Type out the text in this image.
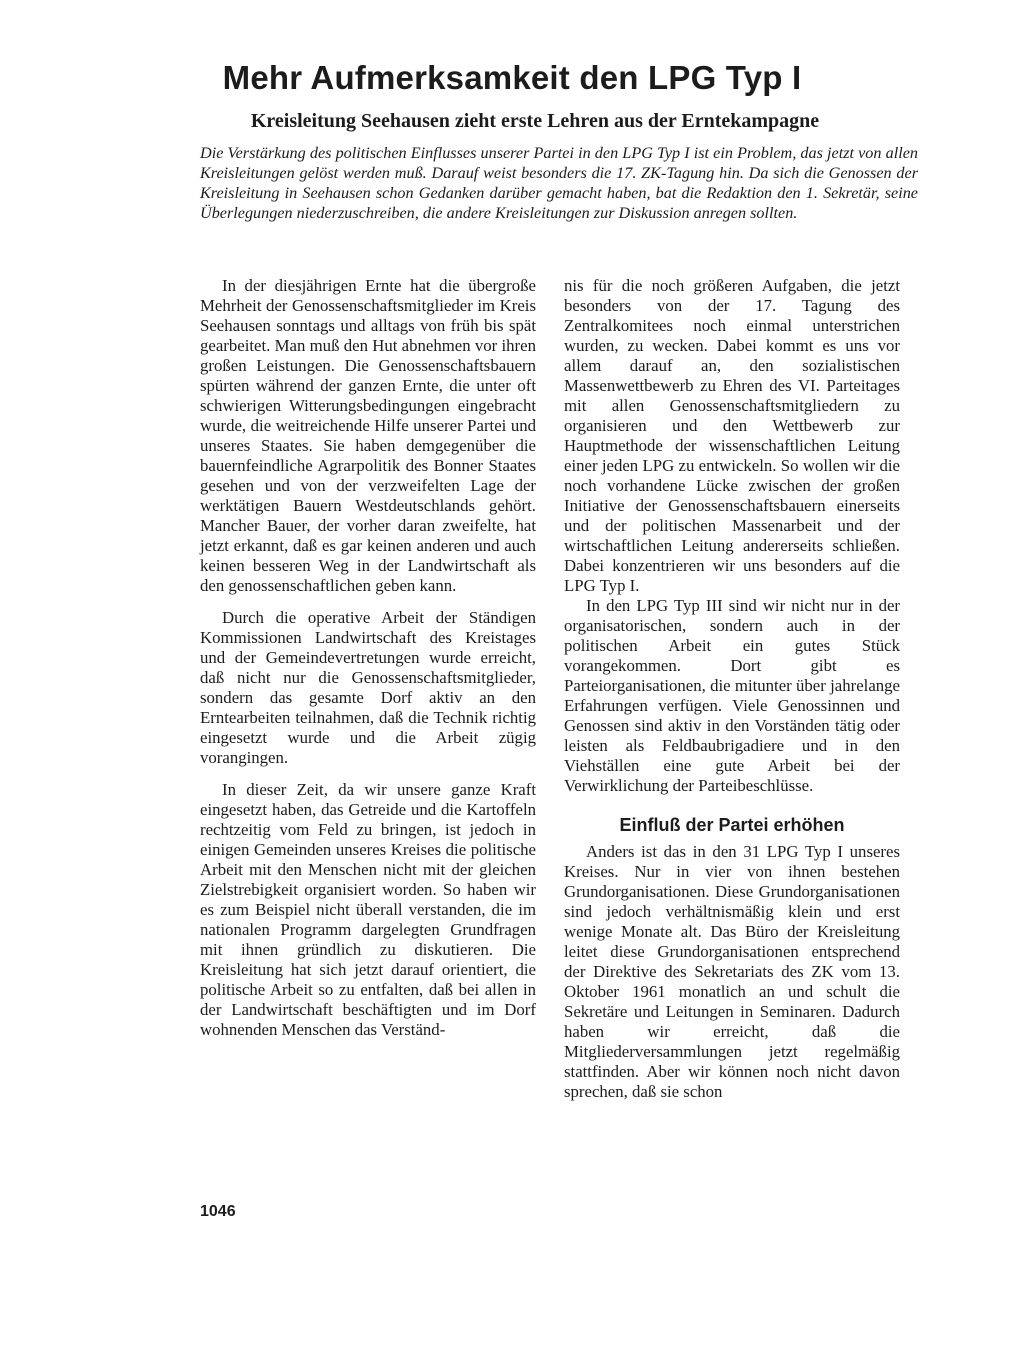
Mehr Aufmerksamkeit den LPG Typ I
Kreisleitung Seehausen zieht erste Lehren aus der Erntekampagne

Die Verstärkung des politischen Einflusses unserer Partei in den LPG Typ I ist ein Problem, das jetzt von allen Kreisleitungen gelöst werden muß. Darauf weist besonders die 17. ZK-Tagung hin. Da sich die Genossen der Kreisleitung in Seehausen schon Gedanken darüber gemacht haben, bat die Redaktion den 1. Sekretär, seine Überlegungen niederzuschreiben, die andere Kreisleitungen zur Diskussion anregen sollten.

In der diesjährigen Ernte hat die übergroße Mehrheit der Genossenschaftsmitglieder im Kreis Seehausen sonntags und alltags von früh bis spät gearbeitet. Man muß den Hut abnehmen vor ihren großen Leistungen. Die Genossenschaftsbauern spürten während der ganzen Ernte, die unter oft schwierigen Witterungsbedingungen eingebracht wurde, die weitreichende Hilfe unserer Partei und unseres Staates. Sie haben demgegenüber die bauernfeindliche Agrarpolitik des Bonner Staates gesehen und von der verzweifelten Lage der werktätigen Bauern Westdeutschlands gehört. Mancher Bauer, der vorher daran zweifelte, hat jetzt erkannt, daß es gar keinen anderen und auch keinen besseren Weg in der Landwirtschaft als den genossenschaftlichen geben kann.

Durch die operative Arbeit der Ständigen Kommissionen Landwirtschaft des Kreistages und der Gemeindevertretungen wurde erreicht, daß nicht nur die Genossenschaftsmitglieder, sondern das gesamte Dorf aktiv an den Erntearbeiten teilnahmen, daß die Technik richtig eingesetzt wurde und die Arbeit zügig vorangingen.

In dieser Zeit, da wir unsere ganze Kraft eingesetzt haben, das Getreide und die Kartoffeln rechtzeitig vom Feld zu bringen, ist jedoch in einigen Gemeinden unseres Kreises die politische Arbeit mit den Menschen nicht mit der gleichen Zielstrebigkeit organisiert worden. So haben wir es zum Beispiel nicht überall verstanden, die im nationalen Programm dargelegten Grundfragen mit ihnen gründlich zu diskutieren. Die Kreisleitung hat sich jetzt darauf orientiert, die politische Arbeit so zu entfalten, daß bei allen in der Landwirtschaft beschäftigten und im Dorf wohnenden Menschen das Verständ-

nis für die noch größeren Aufgaben, die jetzt besonders von der 17. Tagung des Zentralkomitees noch einmal unterstrichen wurden, zu wecken. Dabei kommt es uns vor allem darauf an, den sozialistischen Massenwettbewerb zu Ehren des VI. Parteitages mit allen Genossenschaftsmitgliedern zu organisieren und den Wettbewerb zur Hauptmethode der wissenschaftlichen Leitung einer jeden LPG zu entwickeln. So wollen wir die noch vorhandene Lücke zwischen der großen Initiative der Genossenschaftsbauern einerseits und der politischen Massenarbeit und der wirtschaftlichen Leitung andererseits schließen. Dabei konzentrieren wir uns besonders auf die LPG Typ I.

In den LPG Typ III sind wir nicht nur in der organisatorischen, sondern auch in der politischen Arbeit ein gutes Stück vorangekommen. Dort gibt es Parteiorganisationen, die mitunter über jahrelange Erfahrungen verfügen. Viele Genossinnen und Genossen sind aktiv in den Vorständen tätig oder leisten als Feldbaubrigadiere und in den Viehställen eine gute Arbeit bei der Verwirklichung der Parteibeschlüsse.

Einfluß der Partei erhöhen

Anders ist das in den 31 LPG Typ I unseres Kreises. Nur in vier von ihnen bestehen Grundorganisationen. Diese Grundorganisationen sind jedoch verhältnismäßig klein und erst wenige Monate alt. Das Büro der Kreisleitung leitet diese Grundorganisationen entsprechend der Direktive des Sekretariats des ZK vom 13. Oktober 1961 monatlich an und schult die Sekretäre und Leitungen in Seminaren. Dadurch haben wir erreicht, daß die Mitgliederversammlungen jetzt regelmäßig stattfinden. Aber wir können noch nicht davon sprechen, daß sie schon

1046
